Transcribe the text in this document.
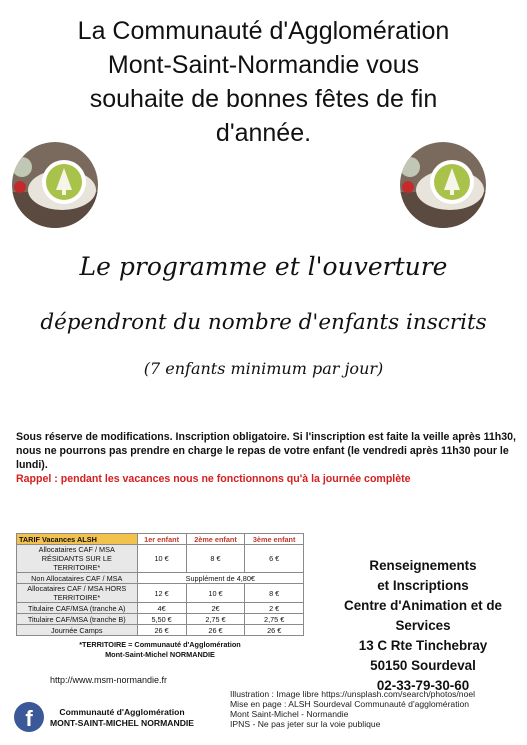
La Communauté d'Agglomération
Mont-Saint-Normandie vous
souhaite de bonnes fêtes de fin
d'année.
Le programme et l'ouverture
dépendront du nombre d'enfants inscrits
(7 enfants minimum par jour)
Sous réserve de modifications. Inscription obligatoire. Si l'inscription est faite la veille après 11h30, nous ne pourrons pas prendre en charge le repas de votre enfant (le vendredi après 11h30 pour le lundi).
Rappel : pendant les vacances nous ne fonctionnons qu'à la journée complète
TARIF Vacances ALSH	1er enfant	2ème enfant	3ème enfant
Allocataires CAF / MSA RÉSIDANTS SUR LE TERRITOIRE*	10 €	8 €	6 €
Non Allocataires CAF / MSA	Supplément de 4,80€		
Allocataires CAF / MSA HORS TERRITOIRE*	12 €	10 €	8 €
Titulaire CAF/MSA (tranche A)	4€	2€	2 €
Titulaire CAF/MSA (tranche B)	5,50 €	2,75 €	2,75 €
Journée Camps	26 €	26 €	26 €
*TERRITOIRE = Communauté d'Agglomération
Mont-Saint-Michel NORMANDIE
http://www.msm-normandie.fr
Renseignements
et Inscriptions
Centre d'Animation et de
Services
13 C Rte Tinchebray
50150 Sourdeval
02-33-79-30-60
Illustration : Image libre https://unsplash.com/search/photos/noel
Mise en page : ALSH Sourdeval Communauté d'agglomération
Mont Saint-Michel - Normandie
IPNS - Ne pas jeter sur la voie publique
f	Communauté d'Agglomération
MONT-SAINT-MICHEL NORMANDIE
